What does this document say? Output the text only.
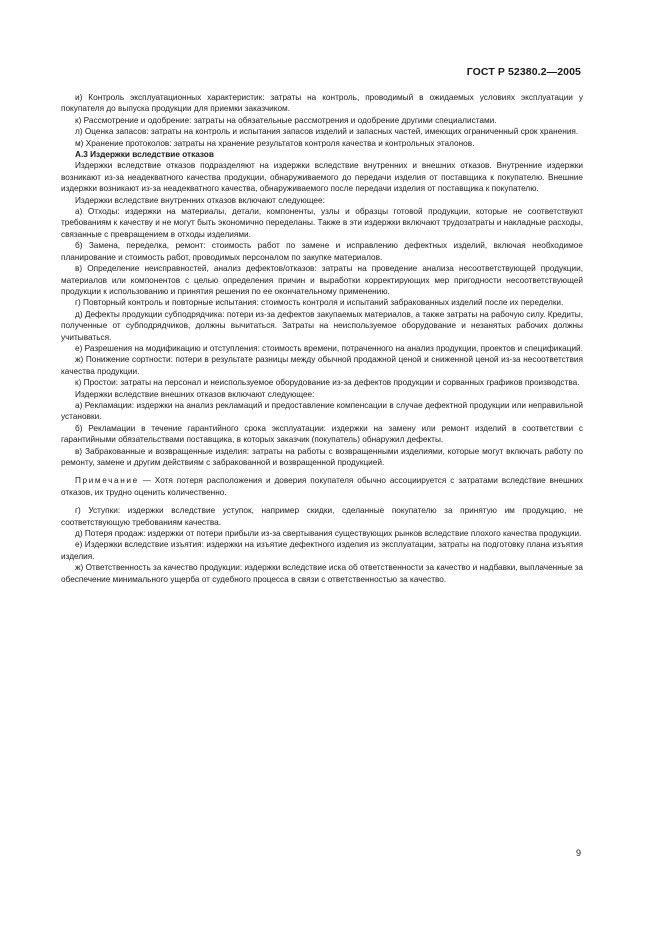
ГОСТ Р 52380.2—2005

и) Контроль эксплуатационных характеристик: затраты на контроль, проводимый в ожидаемых условиях эксплуатации у покупателя до выпуска продукции для приемки заказчиком.

к) Рассмотрение и одобрение: затраты на обязательные рассмотрения и одобрение другими специалистами.

л) Оценка запасов: затраты на контроль и испытания запасов изделий и запасных частей, имеющих ограниченный срок хранения.

м) Хранение протоколов: затраты на хранение результатов контроля качества и контрольных эталонов.

А.3 Издержки вследствие отказов

Издержки вследствие отказов подразделяют на издержки вследствие внутренних и внешних отказов. Внутренние издержки возникают из-за неадекватного качества продукции, обнаруживаемого до передачи изделия от поставщика к покупателю. Внешние издержки возникают из-за неадекватного качества, обнаруживаемого после передачи изделия от поставщика к покупателю.

Издержки вследствие внутренних отказов включают следующее:

а) Отходы: издержки на материалы, детали, компоненты, узлы и образцы готовой продукции, которые не соответствуют требованиям к качеству и не могут быть экономично переделаны. Также в эти издержки включают трудозатраты и накладные расходы, связанные с превращением в отходы изделиями.

б) Замена, переделка, ремонт: стоимость работ по замене и исправлению дефектных изделий, включая необходимое планирование и стоимость работ, проводимых персоналом по закупке материалов.

в) Определение неисправностей, анализ дефектов/отказов: затраты на проведение анализа несоответствующей продукции, материалов или компонентов с целью определения причин и выработки корректирующих мер пригодности несоответствующей продукции к использованию и принятия решения по ее окончательному применению.

г) Повторный контроль и повторные испытания: стоимость контроля и испытаний забракованных изделий после их переделки.

д) Дефекты продукции субподрядчика: потери из-за дефектов закупаемых материалов, а также затраты на рабочую силу. Кредиты, полученные от субподрядчиков, должны вычитаться. Затраты на неиспользуемое оборудование и незанятых рабочих должны учитываться.

е) Разрешения на модификацию и отступления: стоимость времени, потраченного на анализ продукции, проектов и спецификаций.

ж) Понижение сортности: потери в результате разницы между обычной продажной ценой и сниженной ценой из-за несоответствия качества продукции.

к) Простои: затраты на персонал и неиспользуемое оборудование из-за дефектов продукции и сорванных графиков производства.

Издержки вследствие внешних отказов включают следующее:

а) Рекламации: издержки на анализ рекламаций и предоставление компенсации в случае дефектной продукции или неправильной установки.

б) Рекламации в течение гарантийного срока эксплуатации: издержки на замену или ремонт изделий в соответствии с гарантийными обязательствами поставщика, в которых заказчик (покупатель) обнаружил дефекты.

в) Забракованные и возвращенные изделия: затраты на работы с возвращенными изделиями, которые могут включать работу по ремонту, замене и другим действиям с забракованной и возвращенной продукцией.

Примечание — Хотя потеря расположения и доверия покупателя обычно ассоциируется с затратами вследствие внешних отказов, их трудно оценить количественно.

г) Уступки: издержки вследствие уступок, например скидки, сделанные покупателю за принятую им продукцию, не соответствующую требованиям качества.

д) Потеря продаж: издержки от потери прибыли из-за свертывания существующих рынков вследствие плохого качества продукции.

е) Издержки вследствие изъятия: издержки на изъятие дефектного изделия из эксплуатации, затраты на подготовку плана изъятия изделия.

ж) Ответственность за качество продукции: издержки вследствие иска об ответственности за качество и надбавки, выплаченные за обеспечение минимального ущерба от судебного процесса в связи с ответственностью за качество.

9
